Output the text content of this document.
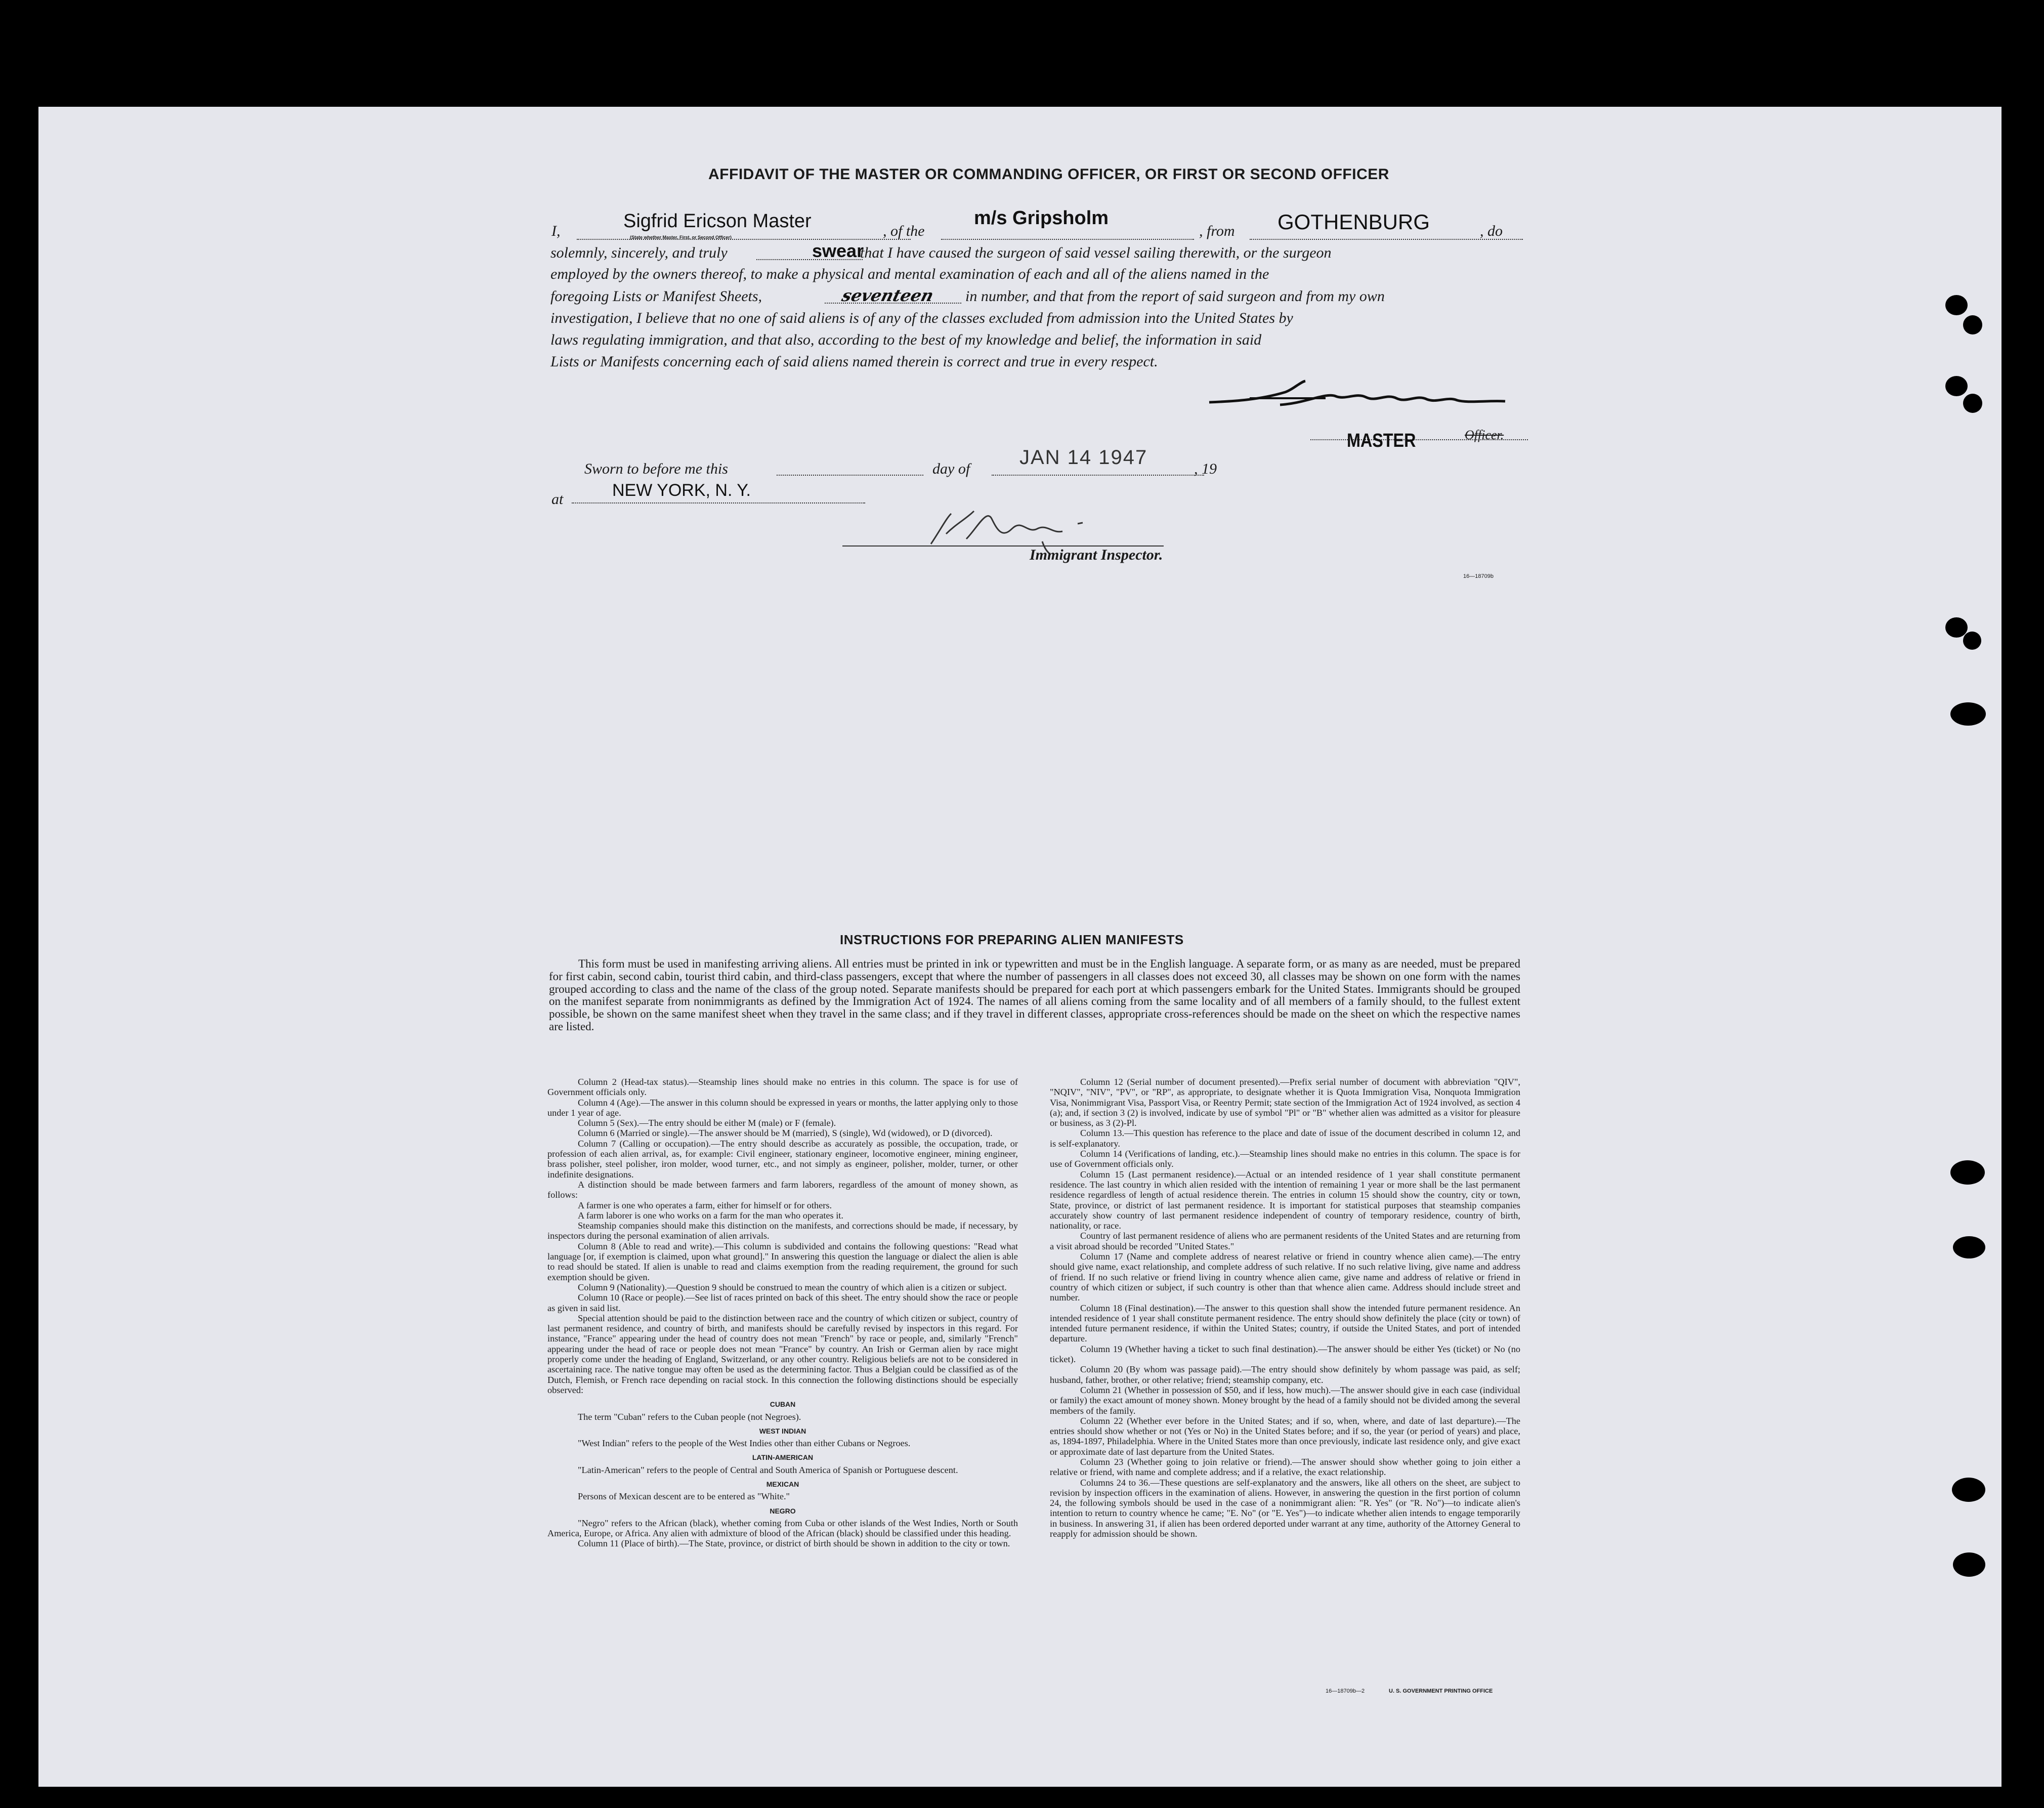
AFFIDAVIT OF THE MASTER OR COMMANDING OFFICER, OR FIRST OR SECOND OFFICER
I,	Sigfrid Ericson Master
(State whether Master, First, or Second Officer)	, of the
m/s Gripsholm
, from GOTHENBURG	, do
solemnly, sincerely, and truly	swear
that I have caused the surgeon of said vessel sailing therewith, or the surgeon
employed by the owners thereof, to make a physical and mental examination of each and all of the aliens named in the
foregoing Lists or Manifest Sheets,	seventeen in number, and that from the report of said surgeon and from my own
investigation, I believe that no one of said aliens is of any of the classes excluded from admission into the United States by
laws regulating immigration, and that also, according to the best of my knowledge and belief, the information in said
Lists or Manifests concerning each of said aliens named therein is correct and true in every respect.
MASTER	Officer.
Sworn to before me this	day of
JAN 14 1947
, 19
at	NEW YORK, N. Y.
Immigrant Inspector.
16—18709b
INSTRUCTIONS FOR PREPARING ALIEN MANIFESTS

This form must be used in manifesting arriving aliens. All entries must be printed in ink or typewritten and must be in the English language. A separate form, or as many as are needed, must be prepared for first cabin, second cabin, tourist third cabin, and third-class passengers, except that where the number of passengers in all classes does not exceed 30, all classes may be shown on one form with the names grouped according to class and the name of the class of the group noted. Separate manifests should be prepared for each port at which passengers embark for the United States. Immigrants should be grouped on the manifest separate from nonimmigrants as defined by the Immigration Act of 1924. The names of all aliens coming from the same locality and of all members of a family should, to the fullest extent possible, be shown on the same manifest sheet when they travel in the same class; and if they travel in different classes, appropriate cross-references should be made on the sheet on which the respective names are listed.

Column 2 (Head-tax status).—Steamship lines should make no entries in this column. The space is for use of Government officials only.

Column 4 (Age).—The answer in this column should be expressed in years or months, the latter applying only to those under 1 year of age.

Column 5 (Sex).—The entry should be either M (male) or F (female).

Column 6 (Married or single).—The answer should be M (married), S (single), Wd (widowed), or D (divorced).

Column 7 (Calling or occupation).—The entry should describe as accurately as possible, the occupation, trade, or profession of each alien arrival, as, for example: Civil engineer, stationary engineer, locomotive engineer, mining engineer, brass polisher, steel polisher, iron molder, wood turner, etc., and not simply as engineer, polisher, molder, turner, or other indefinite designations.

A distinction should be made between farmers and farm laborers, regardless of the amount of money shown, as follows:

A farmer is one who operates a farm, either for himself or for others.

A farm laborer is one who works on a farm for the man who operates it.

Steamship companies should make this distinction on the manifests, and corrections should be made, if necessary, by inspectors during the personal examination of alien arrivals.

Column 8 (Able to read and write).—This column is subdivided and contains the following questions: "Read what language [or, if exemption is claimed, upon what ground]." In answering this question the language or dialect the alien is able to read should be stated. If alien is unable to read and claims exemption from the reading requirement, the ground for such exemption should be given.

Column 9 (Nationality).—Question 9 should be construed to mean the country of which alien is a citizen or subject.

Column 10 (Race or people).—See list of races printed on back of this sheet. The entry should show the race or people as given in said list.

Special attention should be paid to the distinction between race and the country of which citizen or subject, country of last permanent residence, and country of birth, and manifests should be carefully revised by inspectors in this regard. For instance, "France" appearing under the head of country does not mean "French" by race or people, and, similarly "French" appearing under the head of race or people does not mean "France" by country. An Irish or German alien by race might properly come under the heading of England, Switzerland, or any other country. Religious beliefs are not to be considered in ascertaining race. The native tongue may often be used as the determining factor. Thus a Belgian could be classified as of the Dutch, Flemish, or French race depending on racial stock. In this connection the following distinctions should be especially observed:

CUBAN

The term "Cuban" refers to the Cuban people (not Negroes).

WEST INDIAN

"West Indian" refers to the people of the West Indies other than either Cubans or Negroes.

LATIN-AMERICAN

"Latin-American" refers to the people of Central and South America of Spanish or Portuguese descent.

MEXICAN

Persons of Mexican descent are to be entered as "White."

NEGRO

"Negro" refers to the African (black), whether coming from Cuba or other islands of the West Indies, North or South America, Europe, or Africa. Any alien with admixture of blood of the African (black) should be classified under this heading.

Column 11 (Place of birth).—The State, province, or district of birth should be shown in addition to the city or town.

Column 12 (Serial number of document presented).—Prefix serial number of document with abbreviation "QIV", "NQIV", "NIV", "PV", or "RP", as appropriate, to designate whether it is Quota Immigration Visa, Nonquota Immigration Visa, Nonimmigrant Visa, Passport Visa, or Reentry Permit; state section of the Immigration Act of 1924 involved, as section 4 (a); and, if section 3 (2) is involved, indicate by use of symbol "Pl" or "B" whether alien was admitted as a visitor for pleasure or business, as 3 (2)-Pl.

Column 13.—This question has reference to the place and date of issue of the document described in column 12, and is self-explanatory.

Column 14 (Verifications of landing, etc.).—Steamship lines should make no entries in this column. The space is for use of Government officials only.

Column 15 (Last permanent residence).—Actual or an intended residence of 1 year shall constitute permanent residence. The last country in which alien resided with the intention of remaining 1 year or more shall be the last permanent residence regardless of length of actual residence therein. The entries in column 15 should show the country, city or town, State, province, or district of last permanent residence. It is important for statistical purposes that steamship companies accurately show country of last permanent residence independent of country of temporary residence, country of birth, nationality, or race.

Country of last permanent residence of aliens who are permanent residents of the United States and are returning from a visit abroad should be recorded "United States."

Column 17 (Name and complete address of nearest relative or friend in country whence alien came).—The entry should give name, exact relationship, and complete address of such relative. If no such relative living, give name and address of friend. If no such relative or friend living in country whence alien came, give name and address of relative or friend in country of which citizen or subject, if such country is other than that whence alien came. Address should include street and number.

Column 18 (Final destination).—The answer to this question shall show the intended future permanent residence. An intended residence of 1 year shall constitute permanent residence. The entry should show definitely the place (city or town) of intended future permanent residence, if within the United States; country, if outside the United States, and port of intended departure.

Column 19 (Whether having a ticket to such final destination).—The answer should be either Yes (ticket) or No (no ticket).

Column 20 (By whom was passage paid).—The entry should show definitely by whom passage was paid, as self; husband, father, brother, or other relative; friend; steamship company, etc.

Column 21 (Whether in possession of $50, and if less, how much).—The answer should give in each case (individual or family) the exact amount of money shown. Money brought by the head of a family should not be divided among the several members of the family.

Column 22 (Whether ever before in the United States; and if so, when, where, and date of last departure).—The entries should show whether or not (Yes or No) in the United States before; and if so, the year (or period of years) and place, as, 1894-1897, Philadelphia. Where in the United States more than once previously, indicate last residence only, and give exact or approximate date of last departure from the United States.

Column 23 (Whether going to join relative or friend).—The answer should show whether going to join either a relative or friend, with name and complete address; and if a relative, the exact relationship.

Columns 24 to 36.—These questions are self-explanatory and the answers, like all others on the sheet, are subject to revision by inspection officers in the examination of aliens. However, in answering the question in the first portion of column 24, the following symbols should be used in the case of a nonimmigrant alien: "R. Yes" (or "R. No")—to indicate alien's intention to return to country whence he came; "E. No" (or "E. Yes")—to indicate whether alien intends to engage temporarily in business. In answering 31, if alien has been ordered deported under warrant at any time, authority of the Attorney General to reapply for admission should be shown.

16—18709b—2	U. S. GOVERNMENT PRINTING OFFICE
